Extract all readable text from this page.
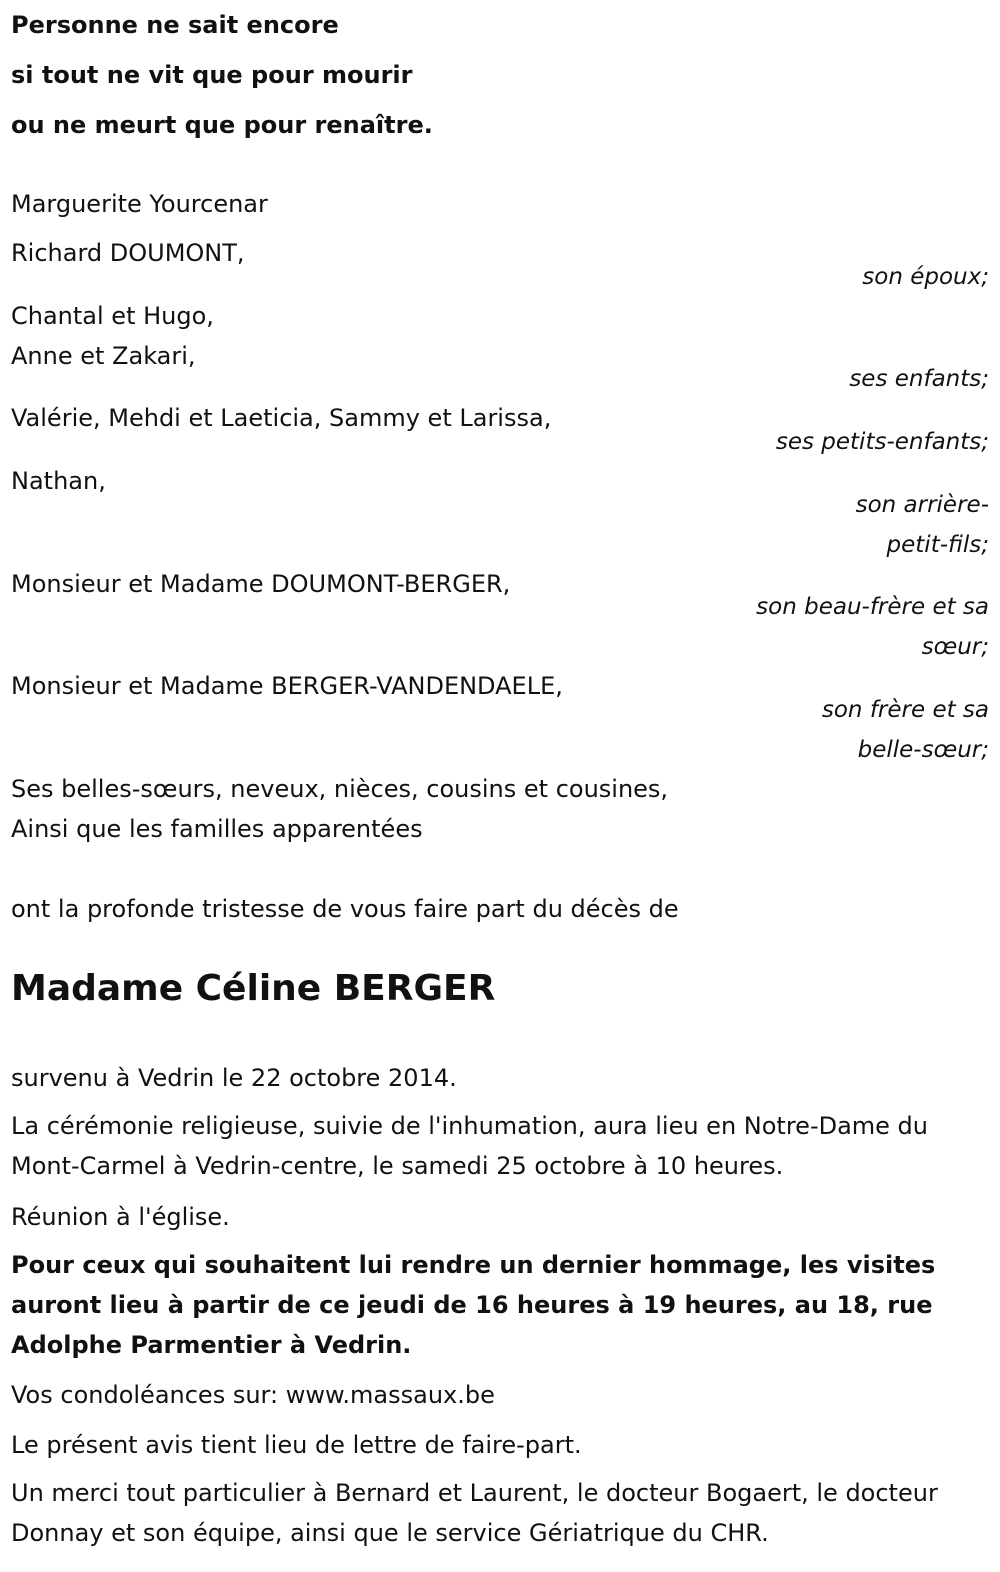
Personne ne sait encore
si tout ne vit que pour mourir
ou ne meurt que pour renaître.
Marguerite Yourcenar
Richard DOUMONT,
son époux;
Chantal et Hugo,
Anne et Zakari,
ses enfants;
Valérie, Mehdi et Laeticia, Sammy et Larissa,
ses petits-enfants;
Nathan,
son arrière-
petit-fils;
Monsieur et Madame DOUMONT-BERGER,
son beau-frère et sa
sœur;
Monsieur et Madame BERGER-VANDENDAELE,
son frère et sa
belle-sœur;
Ses belles-sœurs, neveux, nièces, cousins et cousines,
Ainsi que les familles apparentées
ont la profonde tristesse de vous faire part du décès de
Madame Céline BERGER
survenu à Vedrin le 22 octobre 2014.
La cérémonie religieuse, suivie de l'inhumation, aura lieu en Notre-Dame du Mont-Carmel à Vedrin-centre, le samedi 25 octobre à 10 heures.
Réunion à l'église.
Pour ceux qui souhaitent lui rendre un dernier hommage, les visites auront lieu à partir de ce jeudi de 16 heures à 19 heures, au 18, rue Adolphe Parmentier à Vedrin.
Vos condoléances sur: www.massaux.be
Le présent avis tient lieu de lettre de faire-part.
Un merci tout particulier à Bernard et Laurent, le docteur Bogaert, le docteur Donnay et son équipe, ainsi que le service Gériatrique du CHR.
